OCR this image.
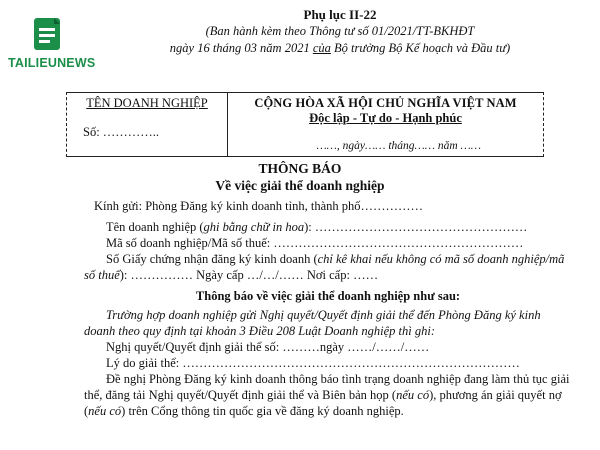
TAILIEUNEWS
Phụ lục II-22
(Ban hành kèm theo Thông tư số 01/2021/TT-BKHĐT
ngày 16 tháng 03 năm 2021 của Bộ trưởng Bộ Kế hoạch và Đầu tư)
TÊN DOANH NGHIỆP
Số: …………..
CỘNG HÒA XÃ HỘI CHỦ NGHĨA VIỆT NAM
Độc lập - Tự do - Hạnh phúc
……, ngày…… tháng…… năm ……
THÔNG BÁO
Về việc giải thể doanh nghiệp

Kính gửi: Phòng Đăng ký kinh doanh tỉnh, thành phố……………

Tên doanh nghiệp (ghi bằng chữ in hoa): ……………………………………………

Mã số doanh nghiệp/Mã số thuế: ……………………………………………………

Số Giấy chứng nhận đăng ký kinh doanh (chỉ kê khai nếu không có mã số doanh nghiệp/mã số thuế): …………… Ngày cấp …/…/…… Nơi cấp: ……

Thông báo về việc giải thể doanh nghiệp như sau:

Trường hợp doanh nghiệp gửi Nghị quyết/Quyết định giải thể đến Phòng Đăng ký kinh doanh theo quy định tại khoản 3 Điều 208 Luật Doanh nghiệp thì ghi:

Nghị quyết/Quyết định giải thể số: ………ngày ……/……/……

Lý do giải thể: ………………………………………………………………………

Đề nghị Phòng Đăng ký kinh doanh thông báo tình trạng doanh nghiệp đang làm thủ tục giải thể, đăng tải Nghị quyết/Quyết định giải thể và Biên bản họp (nếu có), phương án giải quyết nợ (nếu có) trên Cổng thông tin quốc gia về đăng ký doanh nghiệp.
